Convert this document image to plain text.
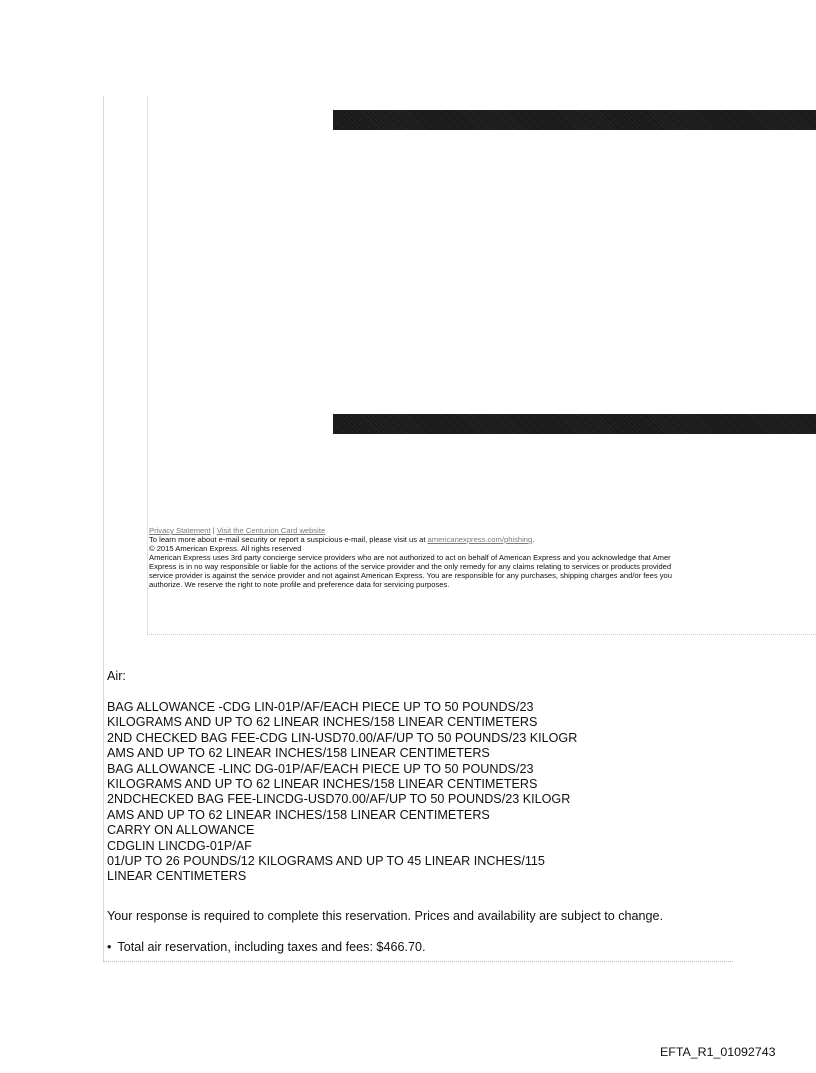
Privacy Statement | Visit the Centurion Card website
To learn more about e-mail security or report a suspicious e-mail, please visit us at americanexpress.com/phishing.
© 2015 American Express. All rights reserved
American Express uses 3rd party concierge service providers who are not authorized to act on behalf of American Express and you acknowledge that Amer
Express is in no way responsible or liable for the actions of the service provider and the only remedy for any claims relating to services or products provided
service provider is against the service provider and not against American Express. You are responsible for any purchases, shipping charges and/or fees you
authorize. We reserve the right to note profile and preference data for servicing purposes.
Air:
BAG ALLOWANCE -CDG LIN-01P/AF/EACH PIECE UP TO 50 POUNDS/23
KILOGRAMS AND UP TO 62 LINEAR INCHES/158 LINEAR CENTIMETERS
2ND CHECKED BAG FEE-CDG LIN-USD70.00/AF/UP TO 50 POUNDS/23 KILOGR
AMS AND UP TO 62 LINEAR INCHES/158 LINEAR CENTIMETERS
BAG ALLOWANCE -LINC DG-01P/AF/EACH PIECE UP TO 50 POUNDS/23
KILOGRAMS AND UP TO 62 LINEAR INCHES/158 LINEAR CENTIMETERS
2NDCHECKED BAG FEE-LINCDG-USD70.00/AF/UP TO 50 POUNDS/23 KILOGR
AMS AND UP TO 62 LINEAR INCHES/158 LINEAR CENTIMETERS
CARRY ON ALLOWANCE
CDGLIN LINCDG-01P/AF
01/UP TO 26 POUNDS/12 KILOGRAMS AND UP TO 45 LINEAR INCHES/115
LINEAR CENTIMETERS
Your response is required to complete this reservation. Prices and availability are subject to change.
• Total air reservation, including taxes and fees: $466.70.
EFTA_R1_01092743
